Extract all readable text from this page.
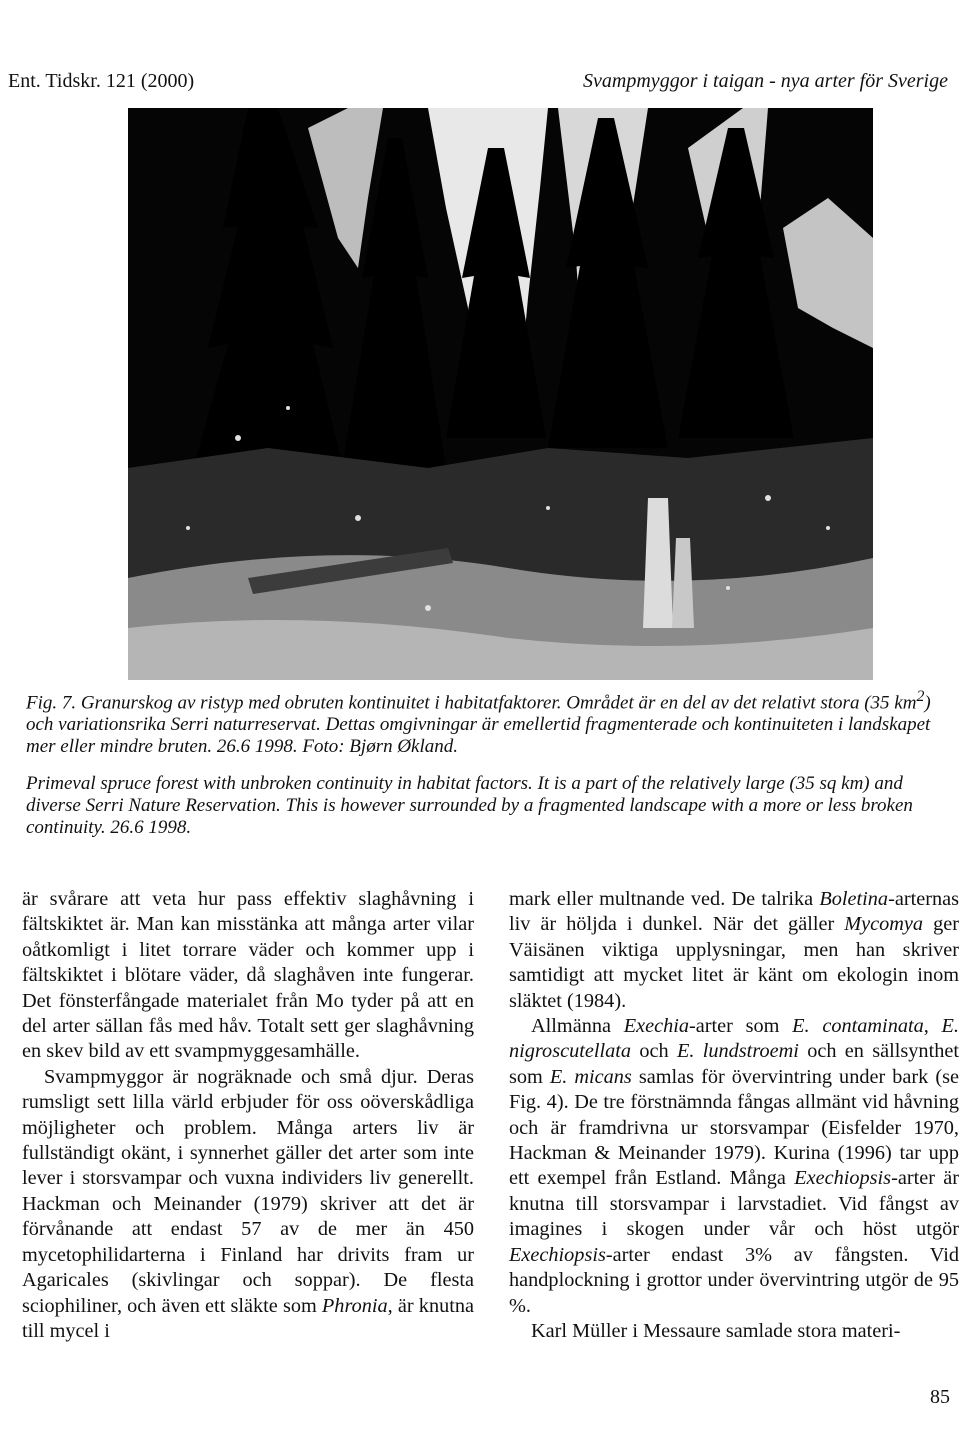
Ent. Tidskr. 121 (2000)	Svampmyggor i taigan - nya arter för Sverige

Fig. 7. Granurskog av ristyp med obruten kontinuitet i habitatfaktorer. Området är en del av det relativt stora (35 $km^2$) och variationsrika Serri naturreservat. Dettas omgivningar är emellertid fragmenterade och kontinuiteten i landskapet mer eller mindre bruten. 26.6 1998. Foto: Bjørn Økland.

Primeval spruce forest with unbroken continuity in habitat factors. It is a part of the relatively large (35 sq km) and diverse Serri Nature Reservation. This is however surrounded by a fragmented landscape with a more or less broken continuity. 26.6 1998.

är svårare att veta hur pass effektiv slaghåvning i fältskiktet är. Man kan misstänka att många arter vilar oåtkomligt i litet torrare väder och kommer upp i fältskiktet i blötare väder, då slaghåven inte fungerar. Det fönsterfångade materialet från Mo tyder på att en del arter sällan fås med håv. Totalt sett ger slaghåvning en skev bild av ett svampmyggesamhälle.

Svampmyggor är nogräknade och små djur. Deras rumsligt sett lilla värld erbjuder för oss oöverskådliga möjligheter och problem. Många arters liv är fullständigt okänt, i synnerhet gäller det arter som inte lever i storsvampar och vuxna individers liv generellt. Hackman och Meinander (1979) skriver att det är förvånande att endast 57 av de mer än 450 mycetophilidarterna i Finland har drivits fram ur Agaricales (skivlingar och soppar). De flesta sciophiliner, och även ett släkte som Phronia, är knutna till mycel i

mark eller multnande ved. De talrika Boletina-arternas liv är höljda i dunkel. När det gäller Mycomya ger Väisänen viktiga upplysningar, men han skriver samtidigt att mycket litet är känt om ekologin inom släktet (1984).

Allmänna Exechia-arter som E. contaminata, E. nigroscutellata och E. lundstroemi och en sällsynthet som E. micans samlas för övervintring under bark (se Fig. 4). De tre förstnämnda fångas allmänt vid håvning och är framdrivna ur storsvampar (Eisfelder 1970, Hackman & Meinander 1979). Kurina (1996) tar upp ett exempel från Estland. Många Exechiopsis-arter är knutna till storsvampar i larvstadiet. Vid fångst av imagines i skogen under vår och höst utgör Exechiopsis-arter endast 3% av fångsten. Vid handplockning i grottor under övervintring utgör de 95 %.

Karl Müller i Messaure samlade stora materi-

85
